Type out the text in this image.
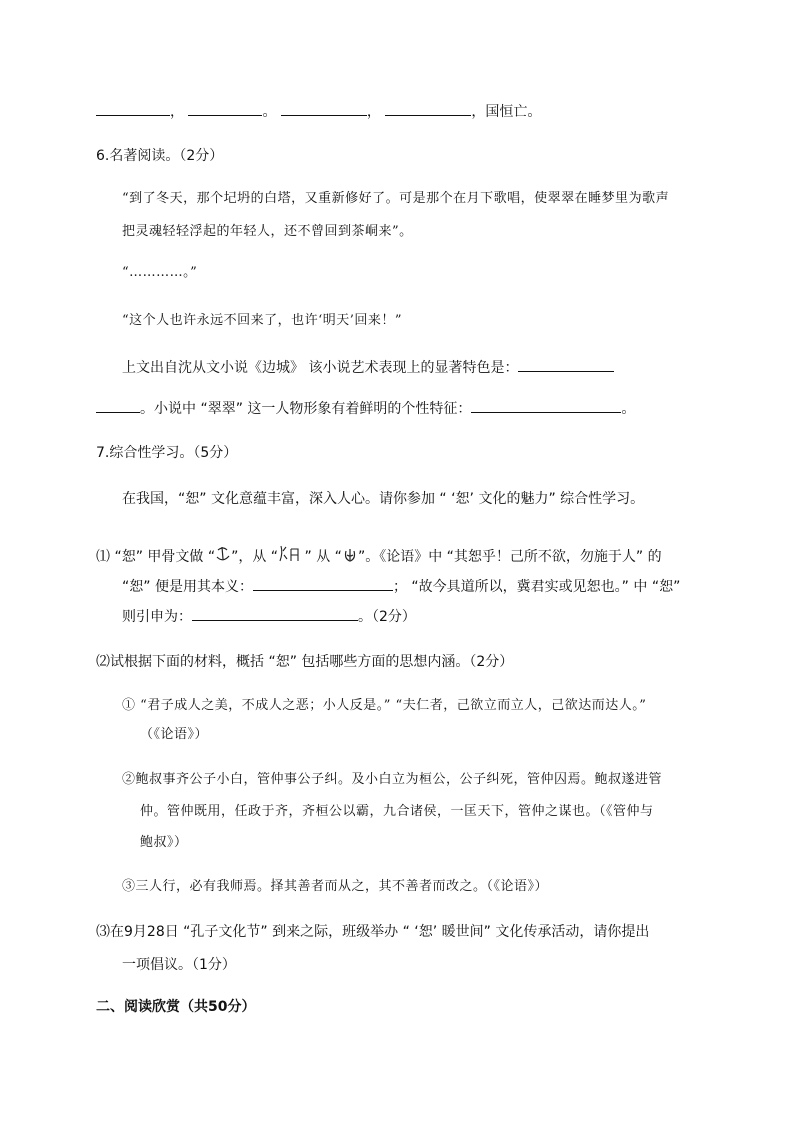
，	。	，	，国恒亡。
6.名著阅读。（2分）
“到了冬天，那个圮坍的白塔，又重新修好了。可是那个在月下歌唱，使翠翠在睡梦里为歌声
把灵魂轻轻浮起的年轻人，还不曾回到茶峒来”。
“…………。”
“这个人也许永远不回来了，也许‘明天’回来！”
上文出自沈从文小说《边城》 该小说艺术表现上的显著特色是：
。小说中 “翠翠” 这一人物形象有着鲜明的个性特征：	。
7.综合性学习。（5分）
在我国，“恕” 文化意蕴丰富，深入人心。请你参加 “ ‘恕’ 文化的魅力” 综合性学习。
⑴ “恕” 甲骨文做 “ ”，从 “ ” 从 “ ”。《论语》中 “其恕乎！己所不欲，勿施于人” 的
“恕” 便是用其本义：	； “故今具道所以，冀君实或见恕也。” 中 “恕”
则引申为：	。（2分）
⑵试根据下面的材料，概括 “恕” 包括哪些方面的思想内涵。（2分）
① “君子成人之美，不成人之恶；小人反是。” “夫仁者，己欲立而立人，己欲达而达人。”
（《论语》）
②鲍叔事齐公子小白，管仲事公子纠。及小白立为桓公，公子纠死，管仲囚焉。鲍叔遂进管
仲。管仲既用，任政于齐，齐桓公以霸，九合诸侯，一匡天下，管仲之谋也。（《管仲与
鲍叔》）
③三人行，必有我师焉。择其善者而从之，其不善者而改之。（《论语》）
⑶在9月28日 “孔子文化节” 到来之际，班级举办 “ ‘恕’ 暖世间” 文化传承活动，请你提出
一项倡议。（1分）
二、阅读欣赏（共50分）
